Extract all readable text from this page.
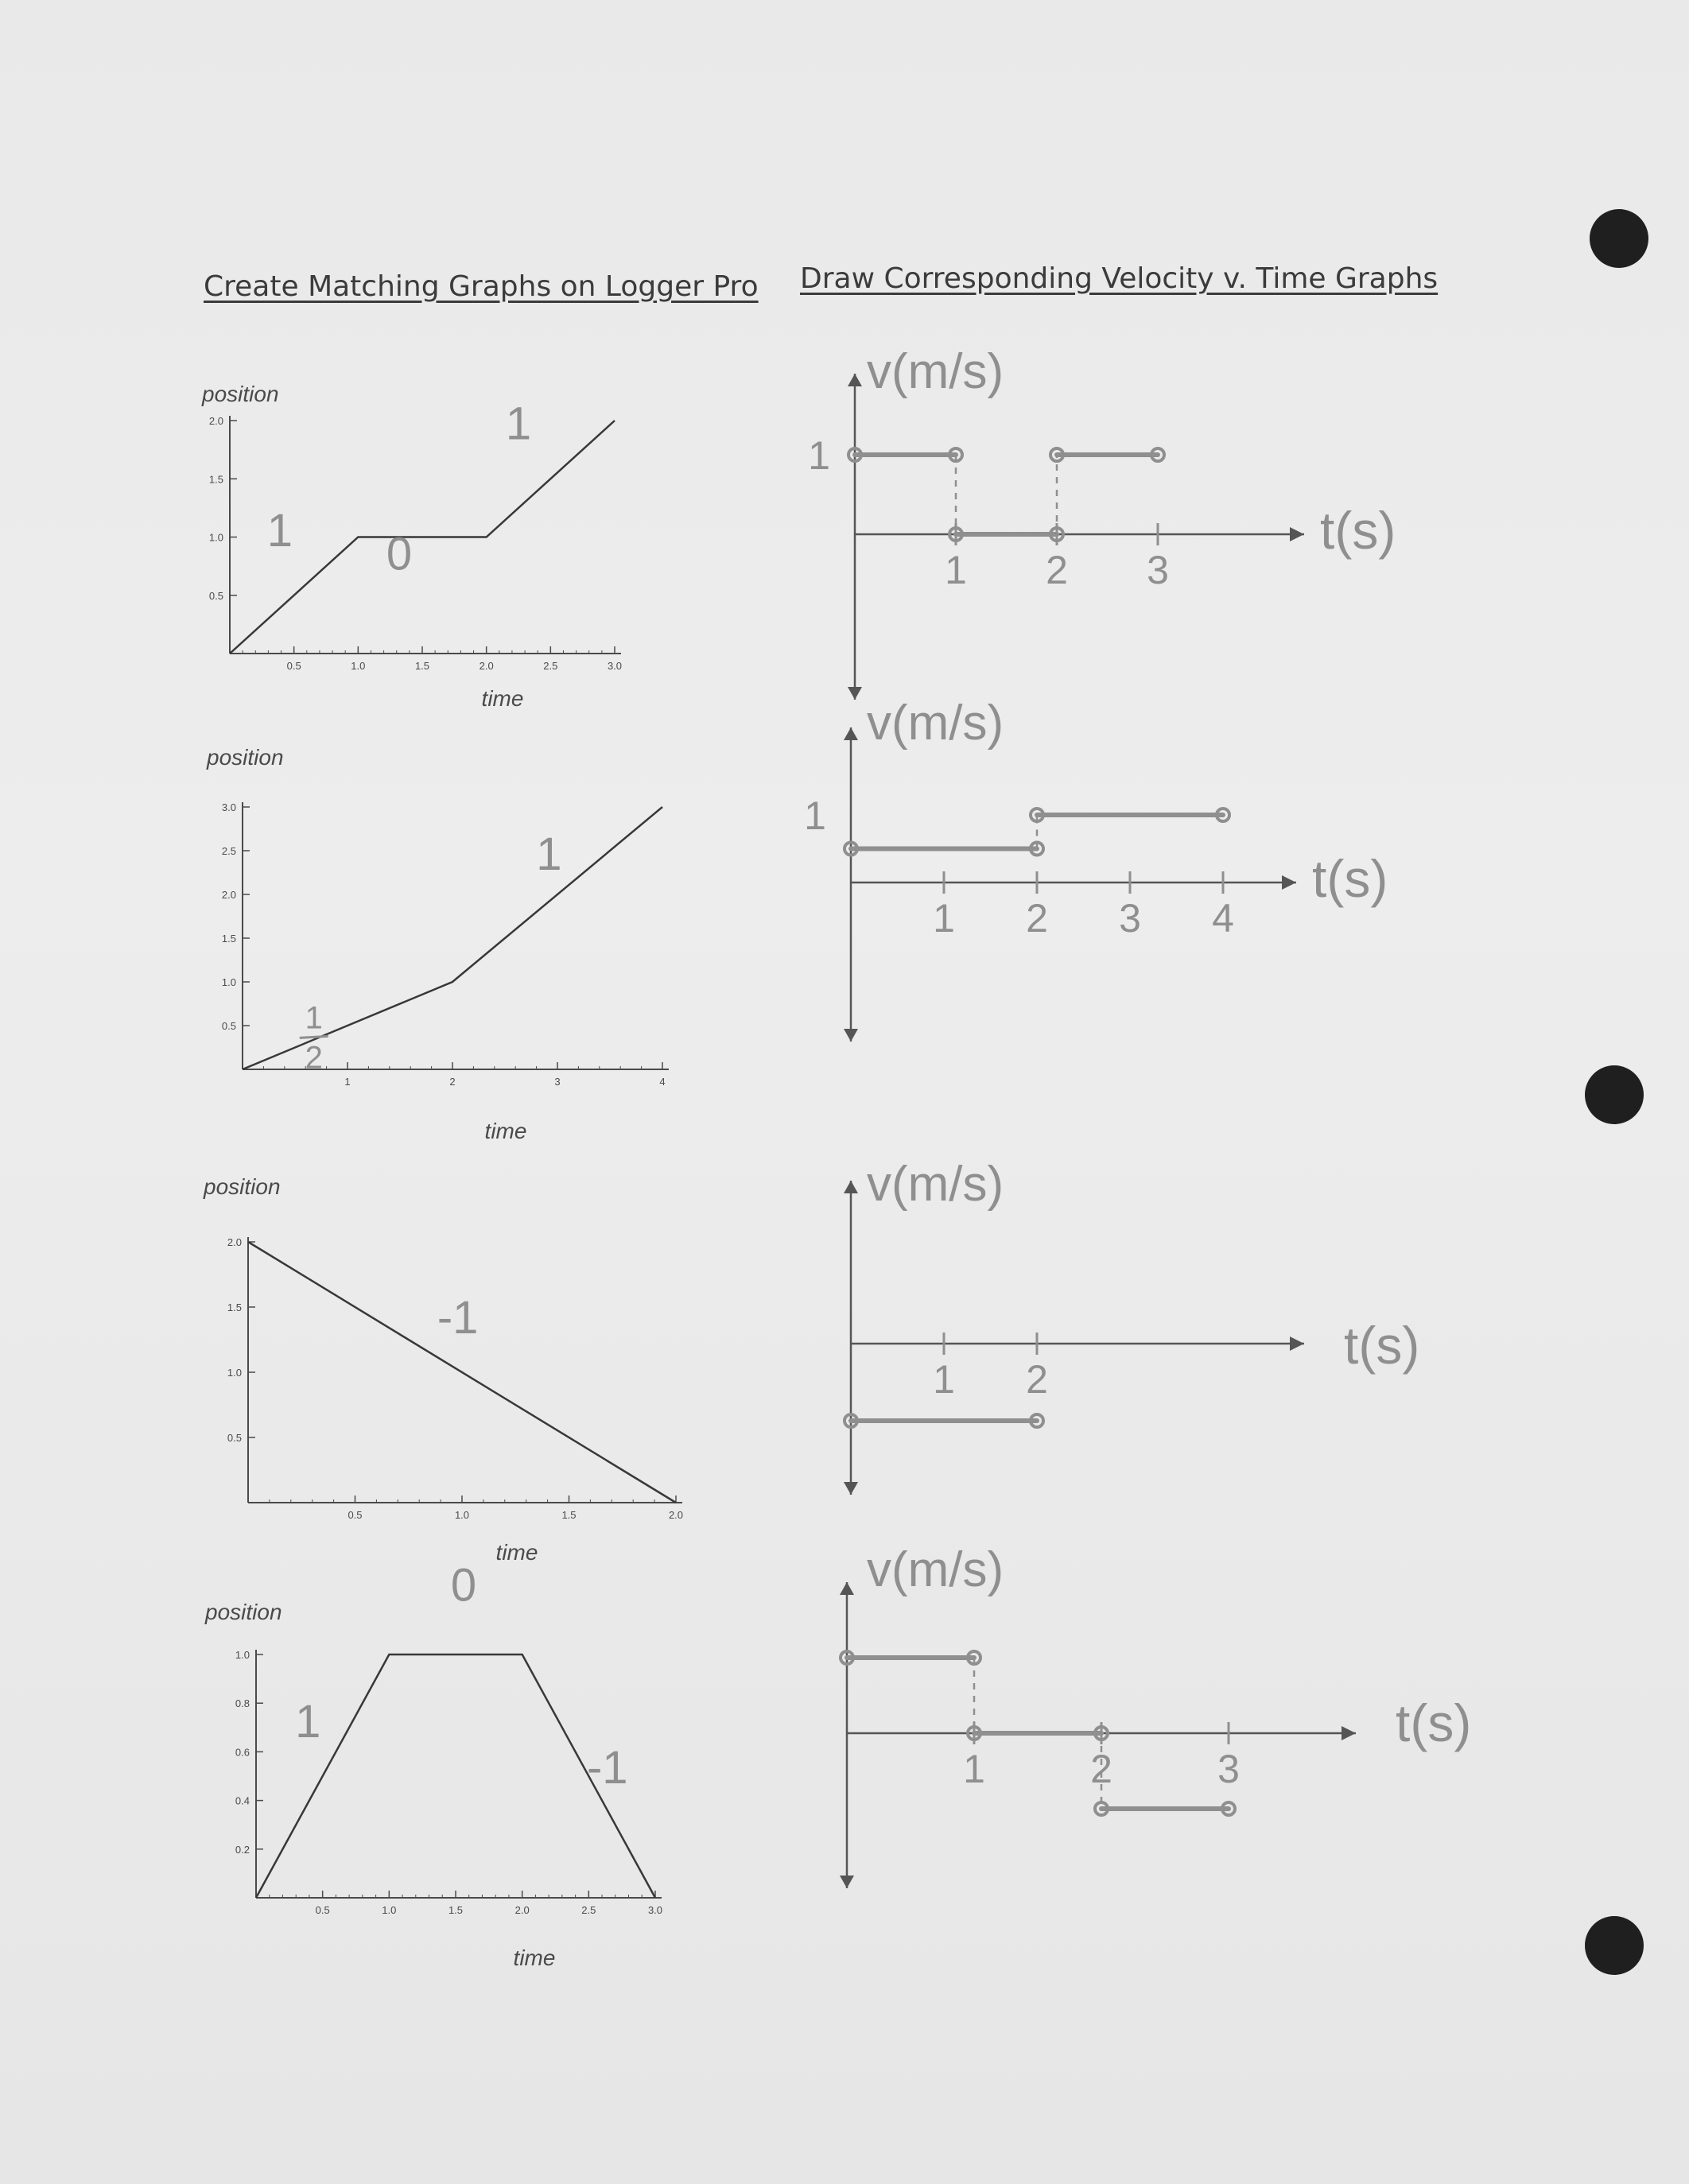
Create Matching Graphs on Logger Pro Draw Corresponding Velocity v. Time Graphs
0.5	1.0	1.5	2.0	2.5	3.0
0.5
1.0
1.5
2.0
position
time
1 0
1
1	2	3	4
0.5
1.0
1.5
2.0
2.5
3.0
position
time
1
2
1
0.5	1.0	1.5	2.0
0.5
1.0
1.5
2.0
position
time
-1
0.5	1.0	1.5	2.0	2.5	3.0
0.2
0.4
0.6
0.8
1.0
position
time
1
0
-1
1 2 3
1
v(m/s)
t(s)
1 2 3 4
1
v(m/s)
t(s)
1 2
v(m/s)
t(s)
1	2	3
v(m/s)
t(s)
